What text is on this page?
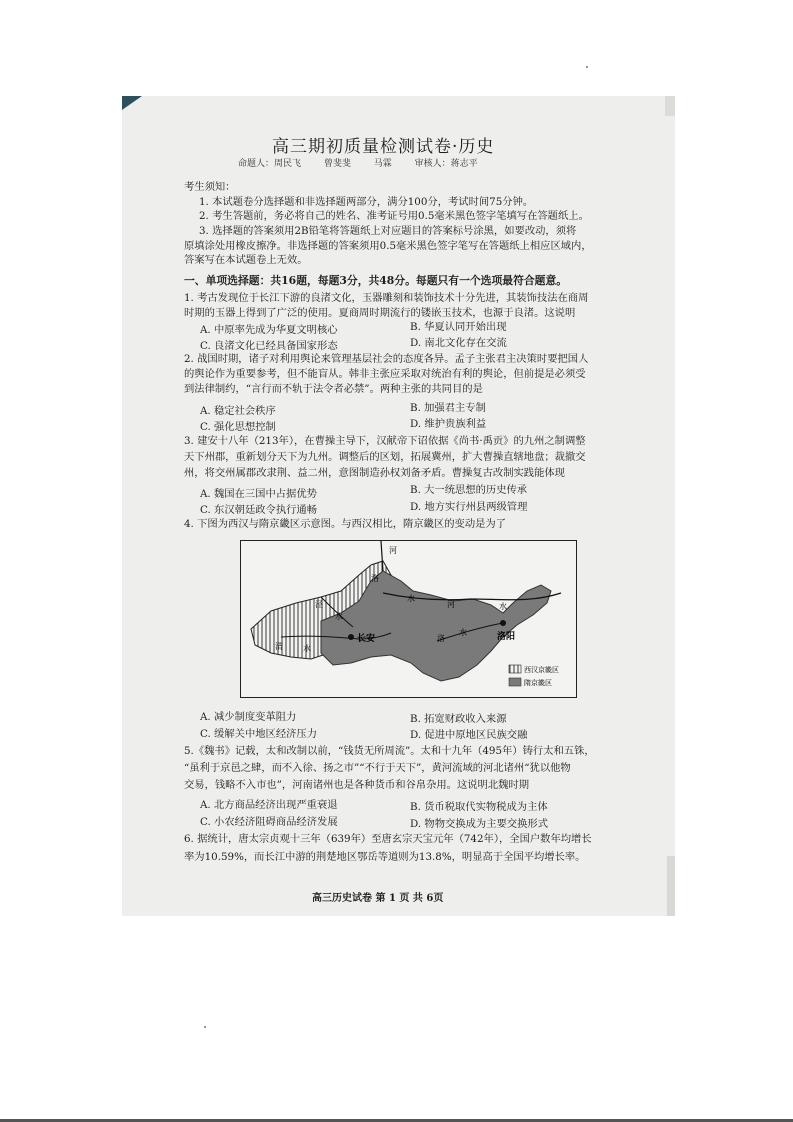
高三期初质量检测试卷·历史
命题人：周民飞	曾斐斐	马霖	审核人：蒋志平
考生须知：
1. 本试题卷分选择题和非选择题两部分，满分100分，考试时间75分钟。
2. 考生答题前，务必将自己的姓名、准考证号用0.5毫米黑色签字笔填写在答题纸上。
3. 选择题的答案须用2B铅笔将答题纸上对应题目的答案标号涂黑，如要改动，须将
原填涂处用橡皮擦净。非选择题的答案须用0.5毫米黑色签字笔写在答题纸上相应区域内，
答案写在本试题卷上无效。
一、单项选择题：共16题，每题3分，共48分。每题只有一个选项最符合题意。
1. 考古发现位于长江下游的良渚文化，玉器雕刻和装饰技术十分先进，其装饰技法在商周
时期的玉器上得到了广泛的使用。夏商周时期流行的镂嵌玉技术，也源于良渚。这说明
A. 中原率先成为华夏文明核心	B. 华夏认同开始出现
C. 良渚文化已经具备国家形态	D. 南北文化存在交流
2. 战国时期，诸子对利用舆论来管理基层社会的态度各异。孟子主张君主决策时要把国人
的舆论作为重要参考，但不能盲从。韩非主张应采取对统治有利的舆论，但前提是必须受
到法律制约，“言行而不轨于法令者必禁”。两种主张的共同目的是
A. 稳定社会秩序	B. 加强君主专制
C. 强化思想控制	D. 维护贵族利益
3. 建安十八年（213年），在曹操主导下，汉献帝下诏依据《尚书·禹贡》的九州之制调整
天下州郡，重新划分天下为九州。调整后的区划，拓展冀州，扩大曹操直辖地盘；裁撤交
州，将交州属郡改隶荆、益二州，意图制造孙权刘备矛盾。曹操复古改制实践能体现
A. 魏国在三国中占据优势	B. 大一统思想的历史传承
C. 东汉朝廷政令执行通畅	D. 地方实行州县两级管理
4. 下图为西汉与隋京畿区示意图。与西汉相比，隋京畿区的变动是为了
河
洛
泾
水
水
河	水
渭	水
长安	洛
水	洛阳
西汉京畿区
隋京畿区
A. 减少制度变革阻力	B. 拓宽财政收入来源
C. 缓解关中地区经济压力	D. 促进中原地区民族交融
5.《魏书》记载，太和改制以前，“钱货无所周流”。太和十九年（495年）铸行太和五铢，
“虽利于京邑之肆，而不入徐、扬之市”“不行于天下”，黄河流域的河北诸州“犹以他物
交易，钱略不入市也”，河南诸州也是各种货币和谷帛杂用。这说明北魏时期
A. 北方商品经济出现严重衰退	B. 货币税取代实物税成为主体
C. 小农经济阻碍商品经济发展	D. 物物交换成为主要交换形式
6. 据统计，唐太宗贞观十三年（639年）至唐玄宗天宝元年（742年），全国户数年均增长
率为10.59%，而长江中游的荆楚地区鄂岳等道则为13.8%，明显高于全国平均增长率。
高三历史试卷 第 1 页 共 6页
